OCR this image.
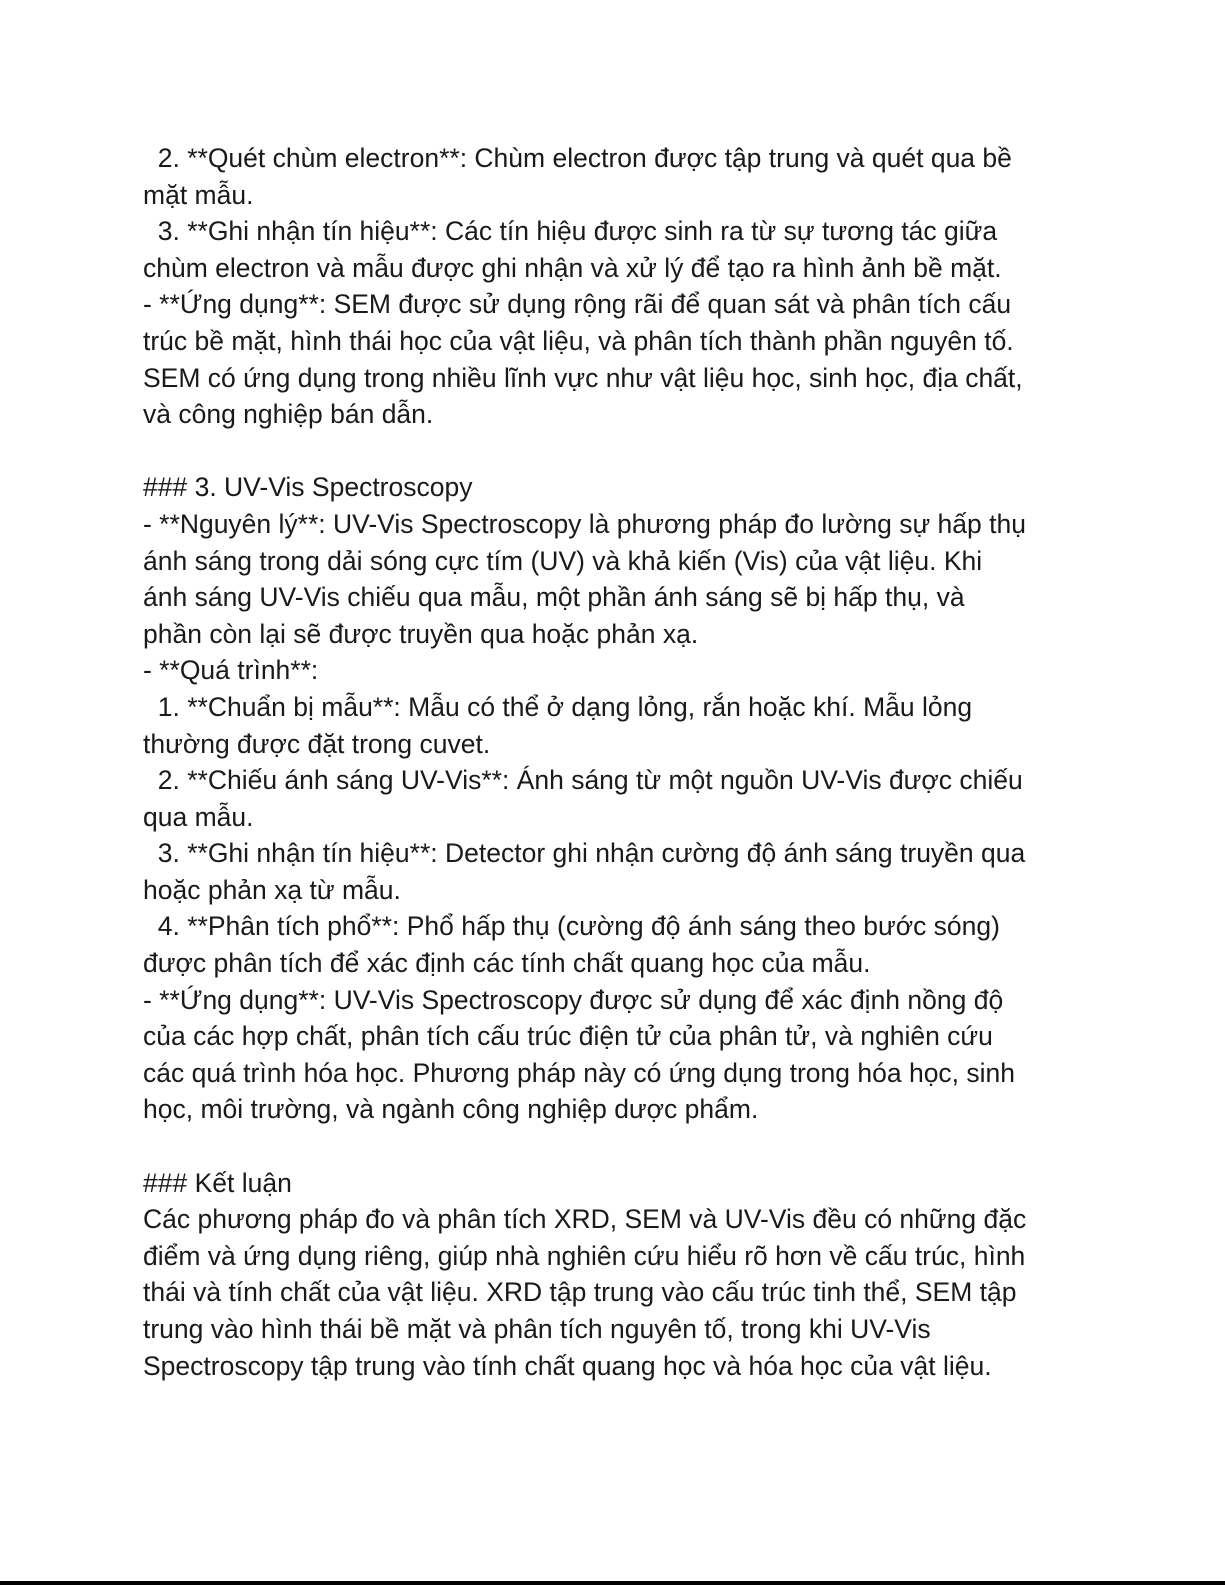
2. **Quét chùm electron**: Chùm electron được tập trung và quét qua bề
mặt mẫu.
3. **Ghi nhận tín hiệu**: Các tín hiệu được sinh ra từ sự tương tác giữa
chùm electron và mẫu được ghi nhận và xử lý để tạo ra hình ảnh bề mặt.
- **Ứng dụng**: SEM được sử dụng rộng rãi để quan sát và phân tích cấu
trúc bề mặt, hình thái học của vật liệu, và phân tích thành phần nguyên tố.
SEM có ứng dụng trong nhiều lĩnh vực như vật liệu học, sinh học, địa chất,
và công nghiệp bán dẫn.
### 3. UV-Vis Spectroscopy
- **Nguyên lý**: UV-Vis Spectroscopy là phương pháp đo lường sự hấp thụ
ánh sáng trong dải sóng cực tím (UV) và khả kiến (Vis) của vật liệu. Khi
ánh sáng UV-Vis chiếu qua mẫu, một phần ánh sáng sẽ bị hấp thụ, và
phần còn lại sẽ được truyền qua hoặc phản xạ.
- **Quá trình**:
1. **Chuẩn bị mẫu**: Mẫu có thể ở dạng lỏng, rắn hoặc khí. Mẫu lỏng
thường được đặt trong cuvet.
2. **Chiếu ánh sáng UV-Vis**: Ánh sáng từ một nguồn UV-Vis được chiếu
qua mẫu.
3. **Ghi nhận tín hiệu**: Detector ghi nhận cường độ ánh sáng truyền qua
hoặc phản xạ từ mẫu.
4. **Phân tích phổ**: Phổ hấp thụ (cường độ ánh sáng theo bước sóng)
được phân tích để xác định các tính chất quang học của mẫu.
- **Ứng dụng**: UV-Vis Spectroscopy được sử dụng để xác định nồng độ
của các hợp chất, phân tích cấu trúc điện tử của phân tử, và nghiên cứu
các quá trình hóa học. Phương pháp này có ứng dụng trong hóa học, sinh
học, môi trường, và ngành công nghiệp dược phẩm.
### Kết luận
Các phương pháp đo và phân tích XRD, SEM và UV-Vis đều có những đặc
điểm và ứng dụng riêng, giúp nhà nghiên cứu hiểu rõ hơn về cấu trúc, hình
thái và tính chất của vật liệu. XRD tập trung vào cấu trúc tinh thể, SEM tập
trung vào hình thái bề mặt và phân tích nguyên tố, trong khi UV-Vis
Spectroscopy tập trung vào tính chất quang học và hóa học của vật liệu.
